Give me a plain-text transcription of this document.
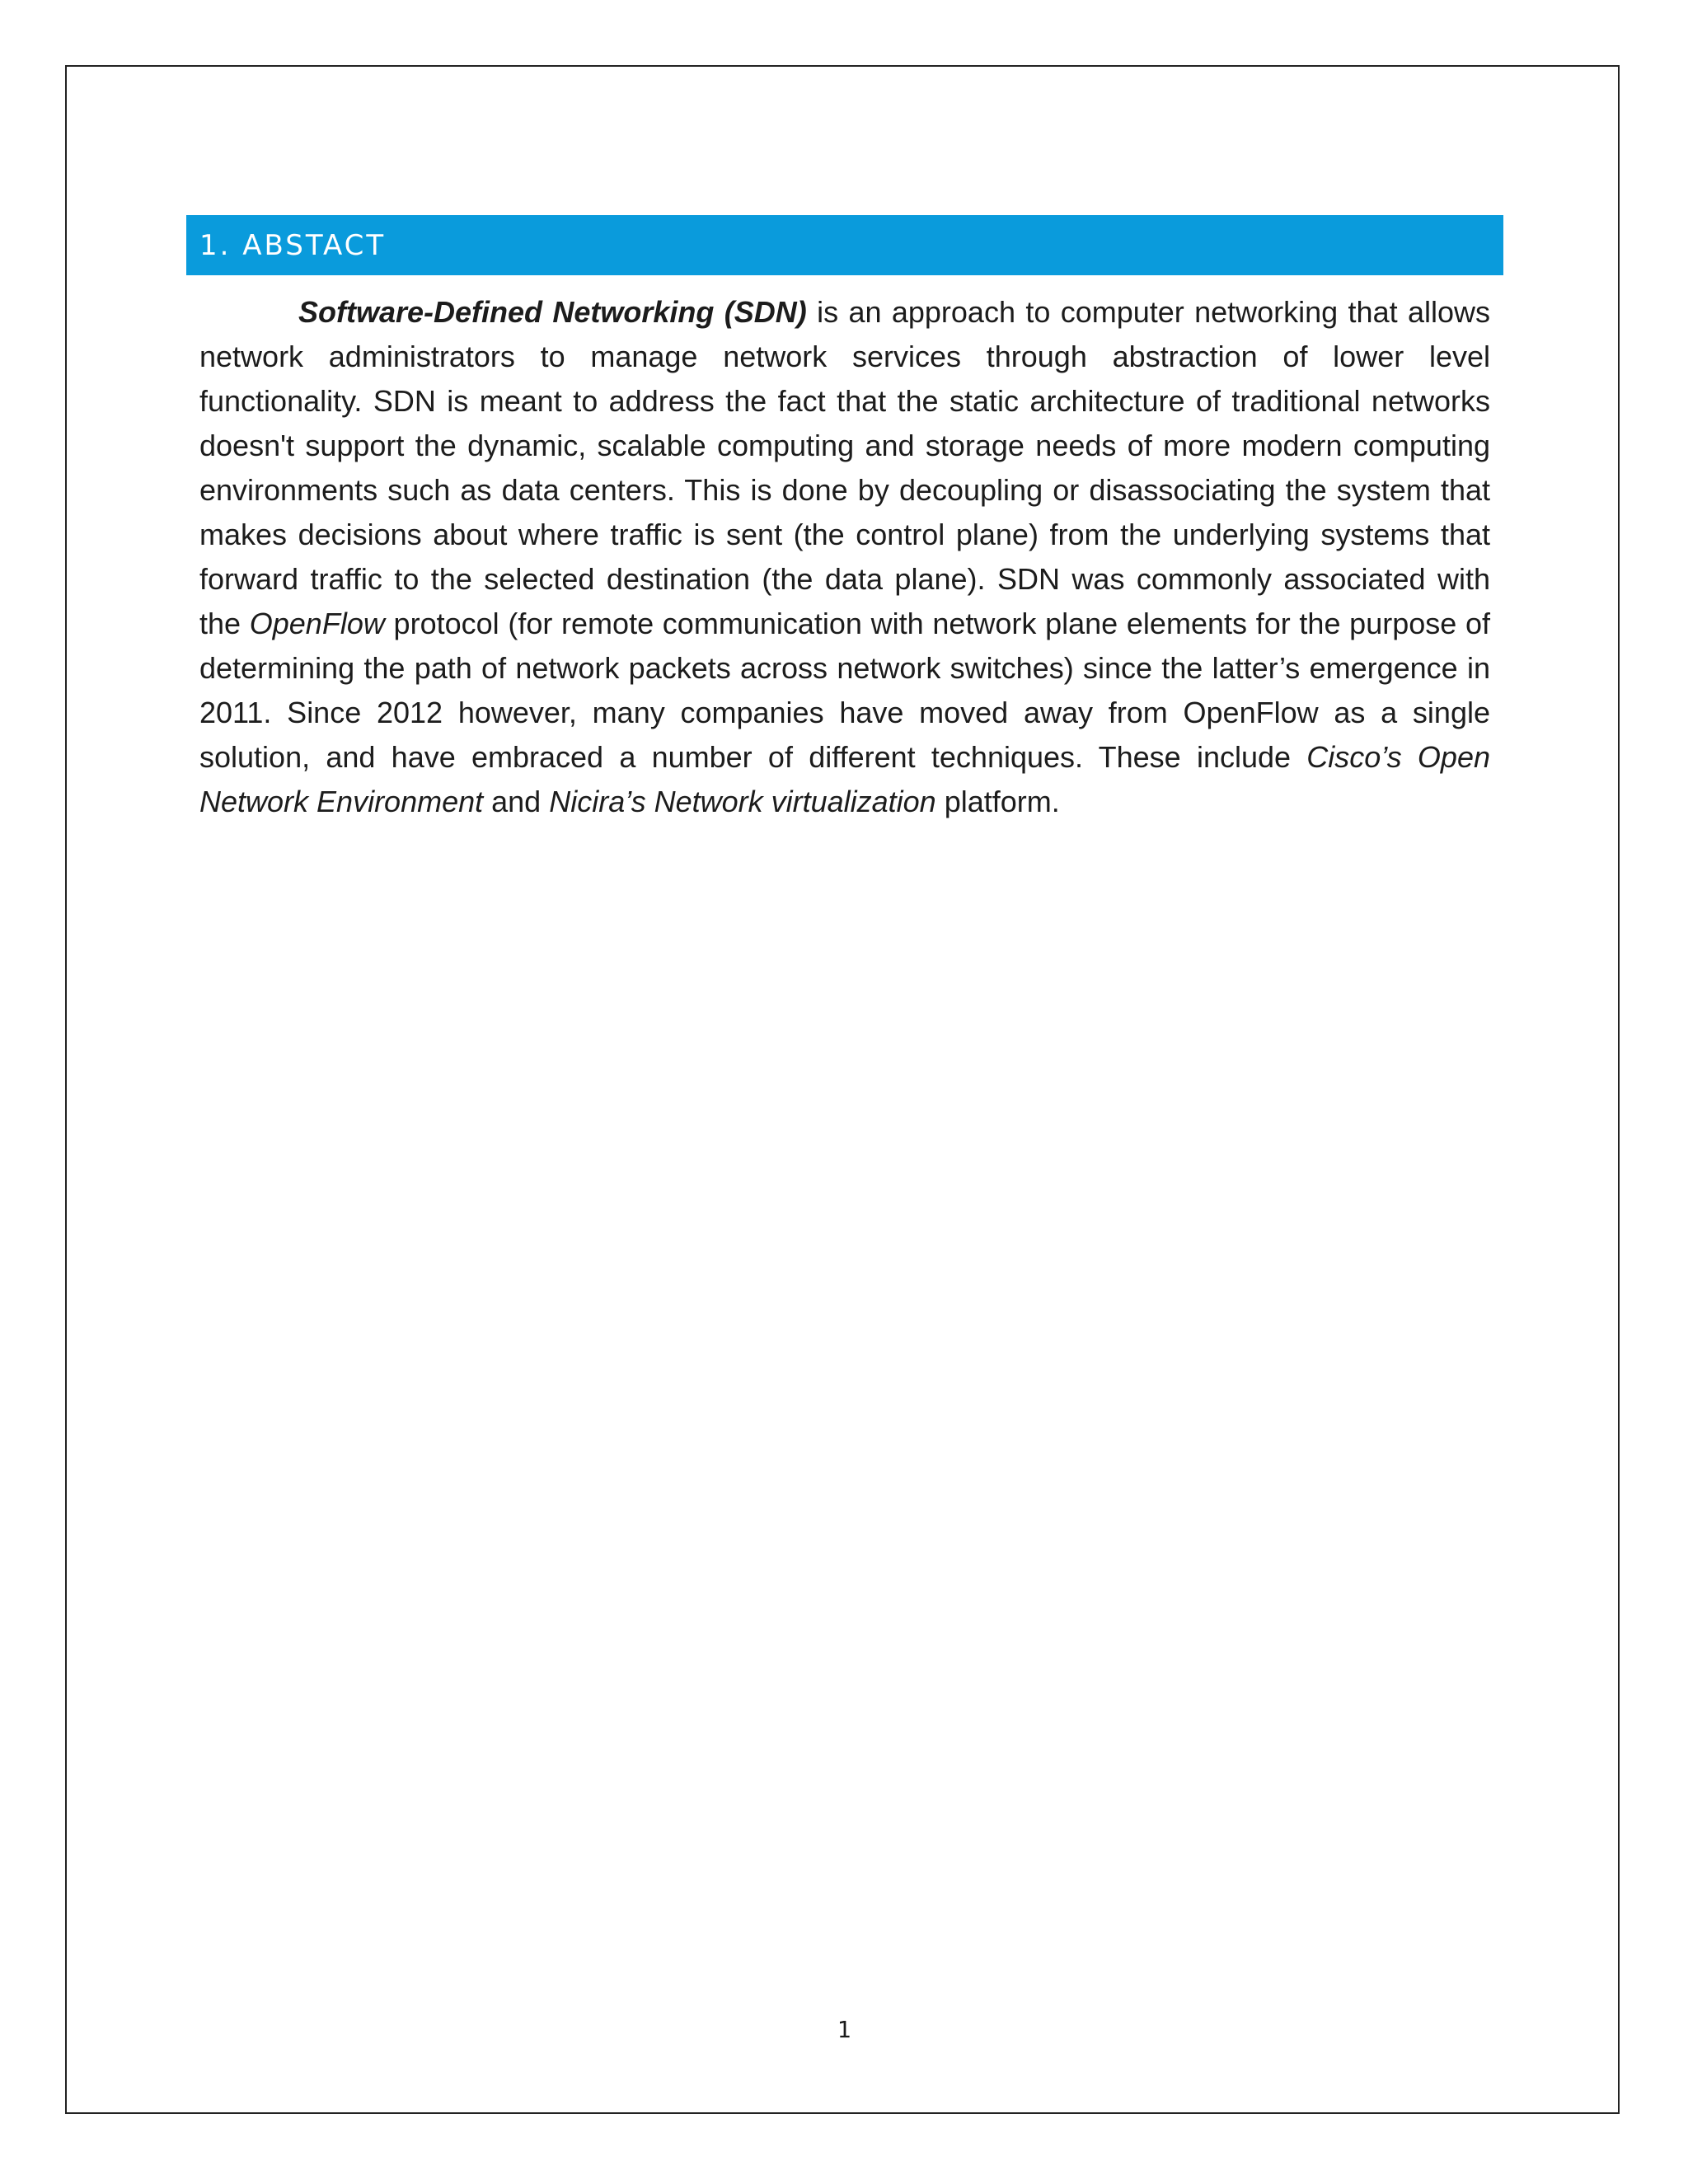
1. ABSTACT

Software-Defined Networking (SDN) is an approach to computer networking that allows network administrators to manage network services through abstraction of lower level functionality. SDN is meant to address the fact that the static architecture of traditional networks doesn't support the dynamic, scalable computing and storage needs of more modern computing environments such as data centers. This is done by decoupling or disassociating the system that makes decisions about where traffic is sent (the control plane) from the underlying systems that forward traffic to the selected destination (the data plane). SDN was commonly associated with the OpenFlow protocol (for remote communication with network plane elements for the purpose of determining the path of network packets across network switches) since the latter’s emergence in 2011. Since 2012 however, many companies have moved away from OpenFlow as a single solution, and have embraced a number of different techniques. These include Cisco’s Open Network Environment and Nicira’s Network virtualization platform.

1
